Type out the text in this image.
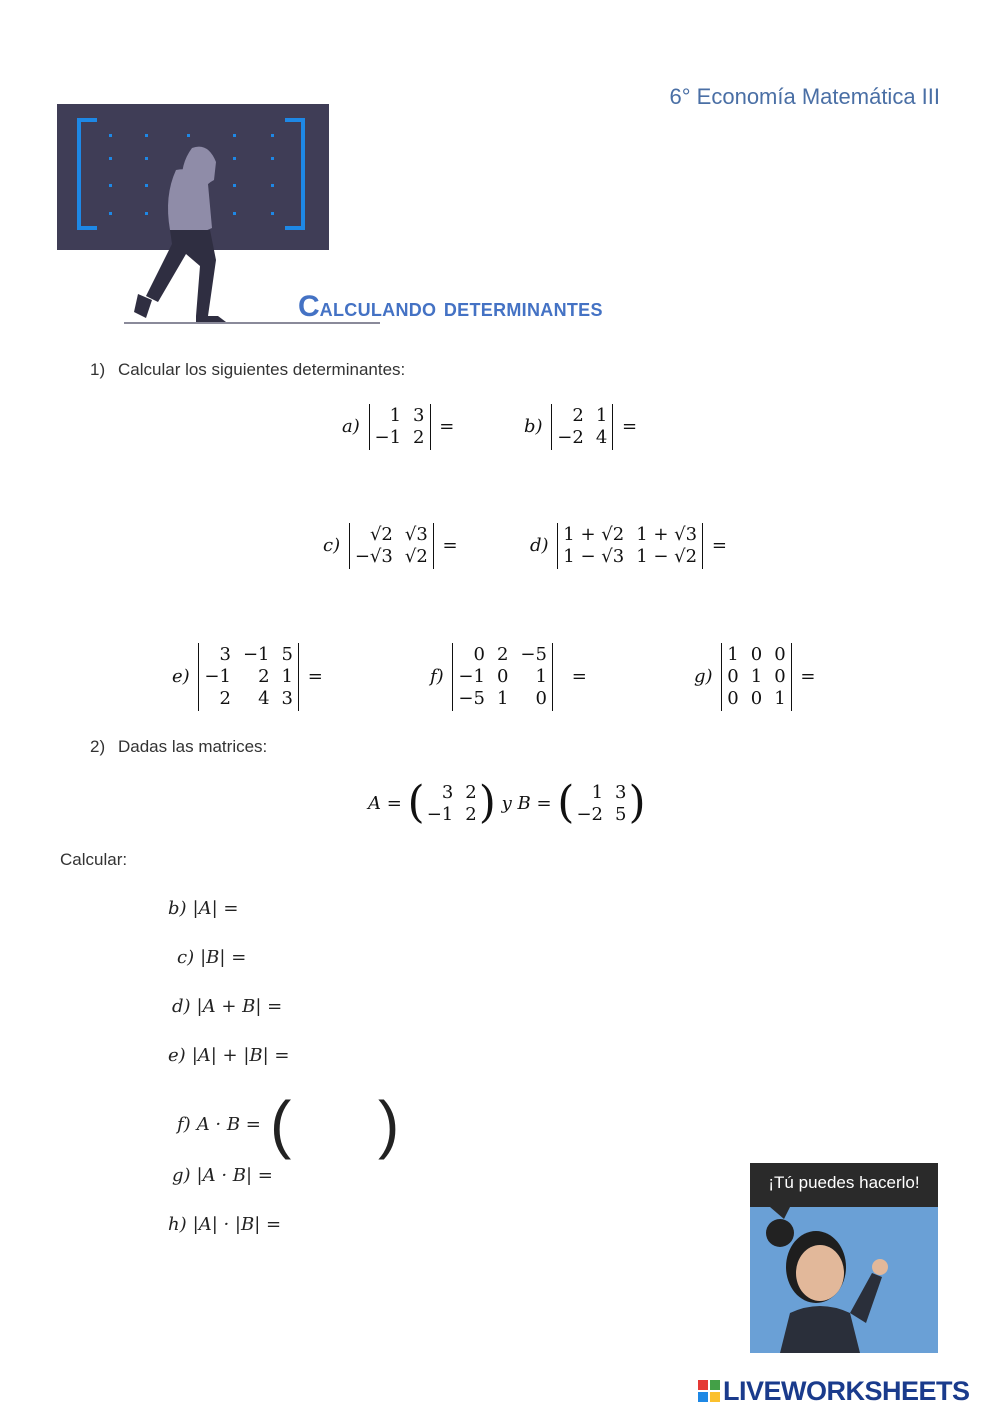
6° Economía Matemática III
Calculando determinantes
1) Calcular los siguientes determinantes:
a)
1 3
−1 2
=	b)
2 1
−2 4
=
c)
√2 √3
−√3 √2
=	d)
1 + √2 1 + √3
1 − √3 1 − √2
=
e)
3 −1 5
−1	2 1
2	4 3
=	f)
0 2 −5
−1 0	1
−5 1	0
=	g)
1 0 0
0 1 0
0 0 1
=
2) Dadas las matrices:
A = ( 3 2
−1 2 ) y B = ( 1 3
−2 5 )
Calcular:
b) |A| =
c) |B| =
d) |A + B| =
e) |A| + |B| =
f) A · B = ( )
g) |A · B| =
h) |A| · |B| =
¡Tú puedes hacerlo!
LIVEWORKSHEETS
